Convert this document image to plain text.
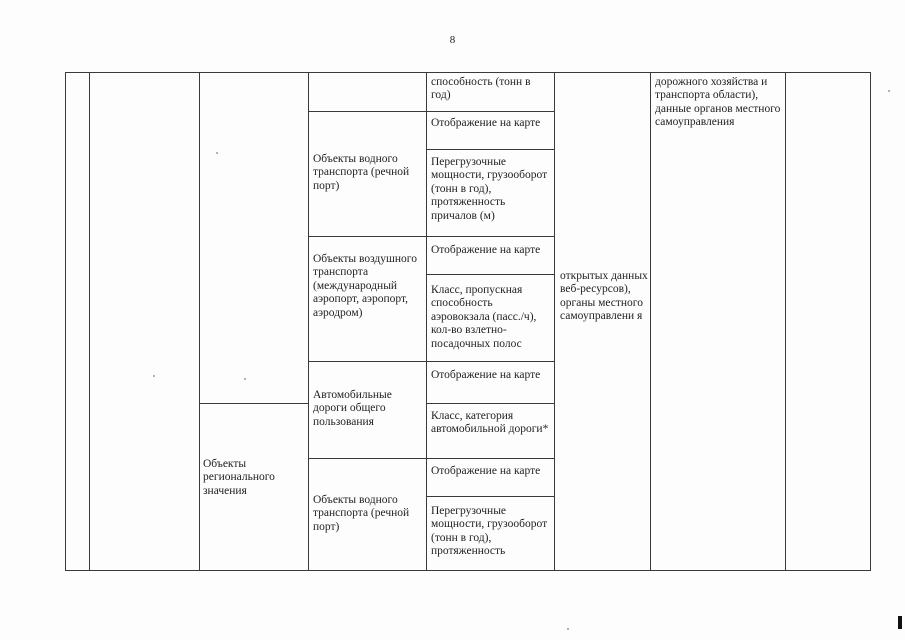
8
Объекты водного транспорта (речной порт)
Объекты воздушного транспорта (международный аэропорт, аэропорт, аэродром)
Автомобильные дороги общего пользования
Объекты водного транспорта (речной порт)
Объекты регионального значения
способность (тонн в год)
Отображение на карте
Перегрузочные мощности, грузооборот (тонн в год), протяженность причалов (м)
Отображение на карте
Класс, пропускная способность аэровокзала (пасс./ч), кол-во взлетно-посадочных полос
Отображение на карте
Класс, категория автомобильной дороги*
Отображение на карте
Перегрузочные мощности, грузооборот (тонн в год), протяженность
открытых данных веб-ресурсов), органы местного самоуправлени я
дорожного хозяйства и транспорта области), данные органов местного самоуправления
